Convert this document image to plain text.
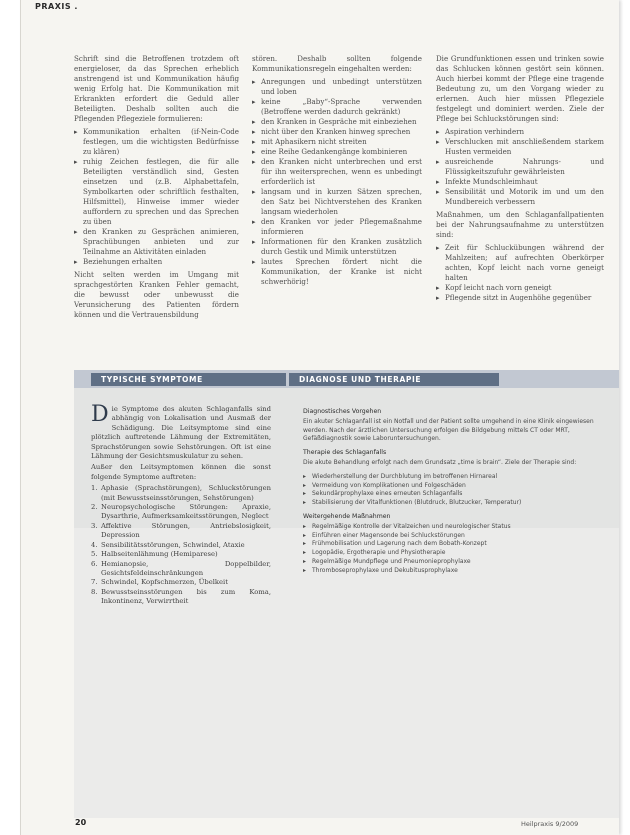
PRAXIS .

Schrift sind die Betroffenen trotzdem oft energieloser, da das Sprechen erheblich anstrengend ist und Kommunikation häufig wenig Erfolg hat. Die Kommunikation mit Erkrankten erfordert die Geduld aller Beteiligten. Deshalb sollten auch die Pflegenden Pflegeziele formulieren:

▸ Kommunikation erhalten (if-Nein-Code festlegen, um die wichtigsten Bedürfnisse zu klären)
▸ ruhig Zeichen festlegen, die für alle Beteiligten verständlich sind, Gesten einsetzen und (z.B. Alphabettafeln, Symbolkarten oder schriftlich festhalten, Hilfsmittel), Hinweise immer wieder auffordern zu sprechen und das Sprechen zu üben
▸ den Kranken zu Gesprächen animieren, Sprachübungen anbieten und zur Teilnahme an Aktivitäten einladen
▸ Beziehungen erhalten

Nicht selten werden im Umgang mit sprachgestörten Kranken Fehler gemacht, die bewusst oder unbewusst die Verunsicherung des Patienten fördern können und die Vertrauensbildung

stören. Deshalb sollten folgende Kommunikationsregeln eingehalten werden:

▸ Anregungen und unbedingt unterstützen und loben
▸ keine „Baby“-Sprache verwenden (Betroffene werden dadurch gekränkt)
▸ den Kranken in Gespräche mit einbeziehen
▸ nicht über den Kranken hinweg sprechen
▸ mit Aphasikern nicht streiten
▸ eine Reihe Gedankengänge kombinieren
▸ den Kranken nicht unterbrechen und erst für ihn weitersprechen, wenn es unbedingt erforderlich ist
▸ langsam und in kurzen Sätzen sprechen, den Satz bei Nichtverstehen des Kranken langsam wiederholen
▸ den Kranken vor jeder Pflegemaßnahme informieren
▸ Informationen für den Kranken zusätzlich durch Gestik und Mimik unterstützen
▸ lautes Sprechen fördert nicht die Kommunikation, der Kranke ist nicht schwerhörig!

Die Grundfunktionen essen und trinken sowie das Schlucken können gestört sein können. Auch hierbei kommt der Pflege eine tragende Bedeutung zu, um den Vorgang wieder zu erlernen. Auch hier müssen Pflegeziele festgelegt und dominiert werden. Ziele der Pflege bei Schluckstörungen sind:

▸ Aspiration verhindern
▸ Verschlucken mit anschließendem starkem Husten vermeiden
▸ ausreichende Nahrungs- und Flüssigkeitszufuhr gewährleisten
▸ Infekte Mundschleimhaut
▸ Sensibilität und Motorik im und um den Mundbereich verbessern

Maßnahmen, um den Schlaganfallpatienten bei der Nahrungsaufnahme zu unterstützen sind:

▸ Zeit für Schluckübungen während der Mahlzeiten; auf aufrechten Oberkörper achten, Kopf leicht nach vorne geneigt halten
▸ Kopf leicht nach vorn geneigt
▸ Pflegende sitzt in Augenhöhe gegenüber
TYPISCHE SYMPTOME	DIAGNOSE UND THERAPIE

Die Symptome des akuten Schlaganfalls sind abhängig von Lokalisation und Ausmaß der Schädigung. Die Leitsymptome sind eine plötzlich auftretende Lähmung der Extremitäten, Sprachstörungen sowie Sehstörungen. Oft ist eine Lähmung der Gesichtsmuskulatur zu sehen.

Außer den Leitsymptomen können die sonst folgende Symptome auftreten:

1. Aphasie (Sprachstörungen), Schluckstörungen (mit Bewusstseinsstörungen, Sehstörungen)
2. Neuropsychologische Störungen: Apraxie, Dysarthrie, Aufmerksamkeitsstörungen, Neglect
3. Affektive Störungen, Antriebslosigkeit, Depression
4. Sensibilitätsstörungen, Schwindel, Ataxie
5. Halbseitenlähmung (Hemiparese)
6. Hemianopsie, Doppelbilder, Gesichtsfeldeinschränkungen
7. Schwindel, Kopfschmerzen, Übelkeit
8. Bewusstseinsstörungen bis zum Koma, Inkontinenz, Verwirrtheit
Diagnostisches Vorgehen

Ein akuter Schlaganfall ist ein Notfall und der Patient sollte umgehend in eine Klinik eingewiesen werden. Nach der ärztlichen Untersuchung erfolgen die Bildgebung mittels CT oder MRT, Gefäßdiagnostik sowie Laboruntersuchungen.

Therapie des Schlaganfalls

Die akute Behandlung erfolgt nach dem Grundsatz „time is brain“. Ziele der Therapie sind:

▸ Wiederherstellung der Durchblutung im betroffenen Hirnareal
▸ Vermeidung von Komplikationen und Folgeschäden
▸ Sekundärprophylaxe eines erneuten Schlaganfalls
▸ Stabilisierung der Vitalfunktionen (Blutdruck, Blutzucker, Temperatur)
Weitergehende Maßnahmen
▸ Regelmäßige Kontrolle der Vitalzeichen und neurologischer Status
▸ Einführen einer Magensonde bei Schluckstörungen
▸ Frühmobilisation und Lagerung nach dem Bobath-Konzept
▸ Logopädie, Ergotherapie und Physiotherapie
▸ Regelmäßige Mundpflege und Pneumonieprophylaxe
▸ Thromboseprophylaxe und Dekubitusprophylaxe
20	Heilpraxis 9/2009
